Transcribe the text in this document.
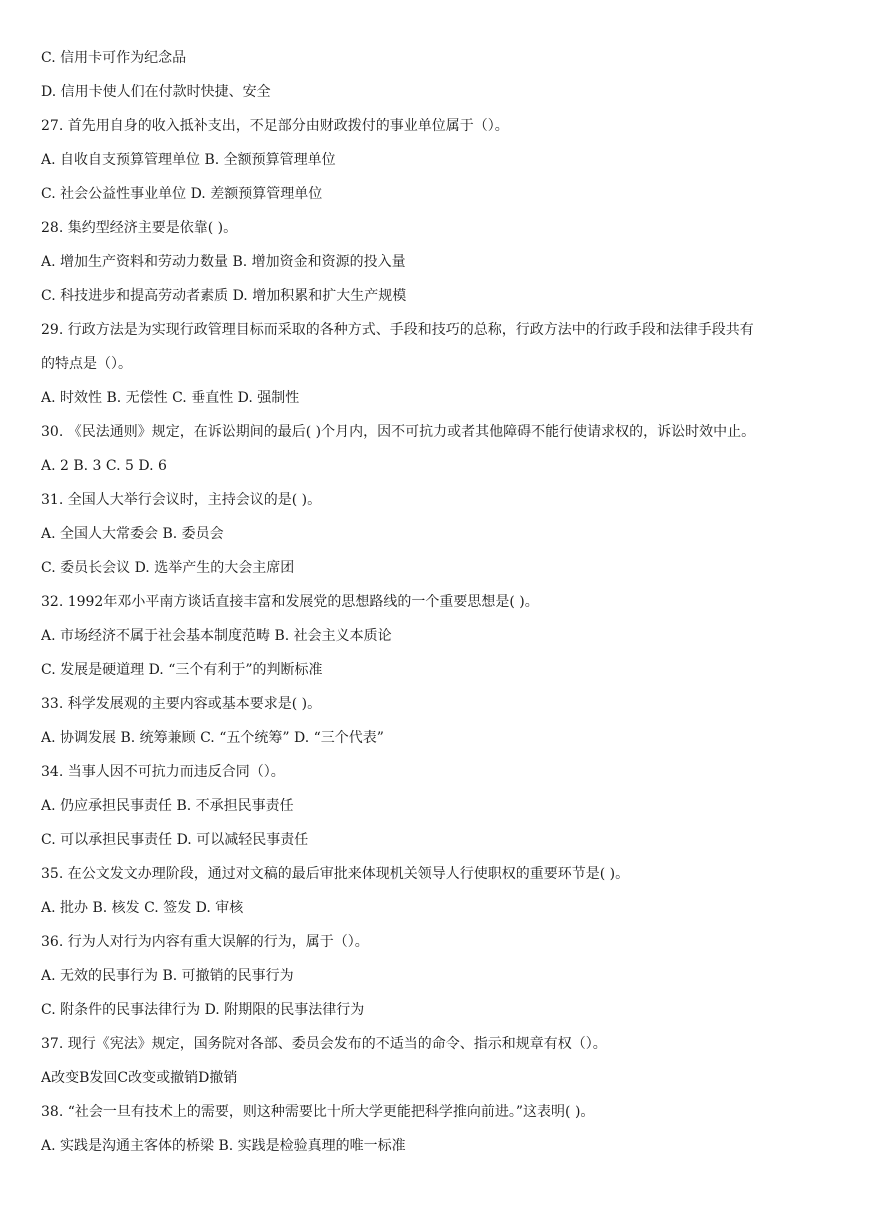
C. 信用卡可作为纪念品
D. 信用卡使人们在付款时快捷、安全
27. 首先用自身的收入抵补支出，不足部分由财政拨付的事业单位属于（）。
A. 自收自支预算管理单位 B. 全额预算管理单位
C. 社会公益性事业单位 D. 差额预算管理单位
28. 集约型经济主要是依靠( )。
A. 增加生产资料和劳动力数量 B. 增加资金和资源的投入量
C. 科技进步和提高劳动者素质 D. 增加积累和扩大生产规模
29. 行政方法是为实现行政管理目标而采取的各种方式、手段和技巧的总称，行政方法中的行政手段和法律手段共有
的特点是（）。
A. 时效性 B. 无偿性 C. 垂直性 D. 强制性
30. 《民法通则》规定，在诉讼期间的最后( )个月内，因不可抗力或者其他障碍不能行使请求权的，诉讼时效中止。
A. 2 B. 3 C. 5 D. 6
31. 全国人大举行会议时，主持会议的是( )。
A. 全国人大常委会 B. 委员会
C. 委员长会议 D. 选举产生的大会主席团
32. 1992年邓小平南方谈话直接丰富和发展党的思想路线的一个重要思想是( )。
A. 市场经济不属于社会基本制度范畴 B. 社会主义本质论
C. 发展是硬道理 D. “三个有利于”的判断标准
33. 科学发展观的主要内容或基本要求是( )。
A. 协调发展 B. 统筹兼顾 C. “五个统筹” D. “三个代表”
34. 当事人因不可抗力而违反合同（）。
A. 仍应承担民事责任 B. 不承担民事责任
C. 可以承担民事责任 D. 可以减轻民事责任
35. 在公文发文办理阶段，通过对文稿的最后审批来体现机关领导人行使职权的重要环节是( )。
A. 批办 B. 核发 C. 签发 D. 审核
36. 行为人对行为内容有重大误解的行为，属于（）。
A. 无效的民事行为 B. 可撤销的民事行为
C. 附条件的民事法律行为 D. 附期限的民事法律行为
37. 现行《宪法》规定，国务院对各部、委员会发布的不适当的命令、指示和规章有权（）。
A改变B发回C改变或撤销D撤销
38. “社会一旦有技术上的需要，则这种需要比十所大学更能把科学推向前进。”这表明( )。
A. 实践是沟通主客体的桥梁 B. 实践是检验真理的唯一标准
